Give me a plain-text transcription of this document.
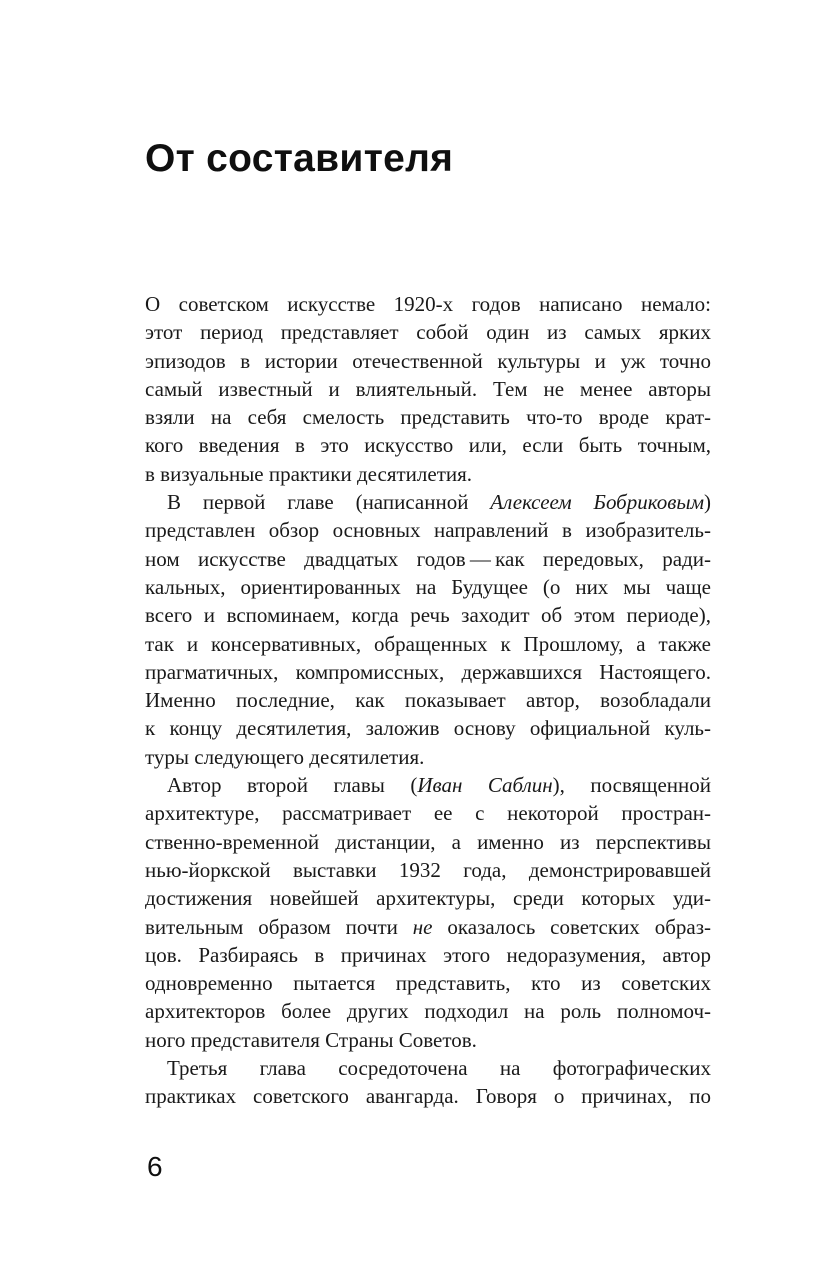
От составителя
О советском искусстве 1920-х годов написано немало:
этот период представляет собой один из самых ярких
эпизодов в истории отечественной культуры и уж точно
самый известный и влиятельный. Тем не менее авторы
взяли на себя смелость представить что-то вроде крат-
кого введения в это искусство или, если быть точным,
в визуальные практики десятилетия.
В первой главе (написанной Алексеем Бобриковым)
представлен обзор основных направлений в изобразитель-
ном искусстве двадцатых годов — как передовых, ради-
кальных, ориентированных на Будущее (о них мы чаще
всего и вспоминаем, когда речь заходит об этом периоде),
так и консервативных, обращенных к Прошлому, а также
прагматичных, компромиссных, державшихся Настоящего.
Именно последние, как показывает автор, возобладали
к концу десятилетия, заложив основу официальной куль-
туры следующего десятилетия.
Автор второй главы (Иван Саблин), посвященной
архитектуре, рассматривает ее с некоторой простран-
ственно-временной дистанции, а именно из перспективы
нью-йоркской выставки 1932 года, демонстрировавшей
достижения новейшей архитектуры, среди которых уди-
вительным образом почти не оказалось советских образ-
цов. Разбираясь в причинах этого недоразумения, автор
одновременно пытается представить, кто из советских
архитекторов более других подходил на роль полномоч-
ного представителя Страны Советов.
Третья глава сосредоточена на фотографических
практиках советского авангарда. Говоря о причинах, по
6
